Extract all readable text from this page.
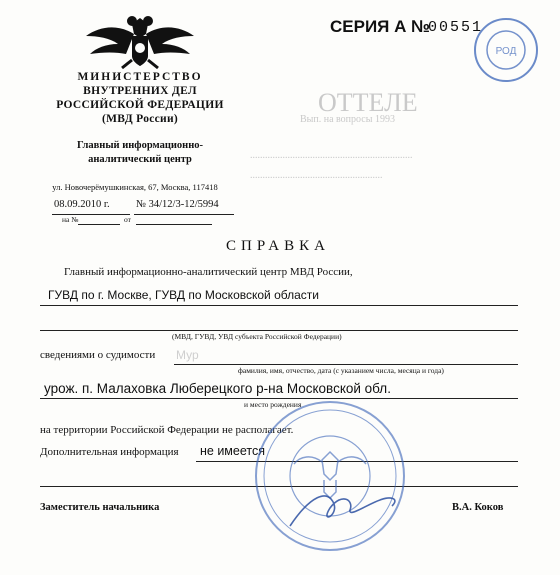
ОТТЕЛЕ
Вып. на вопросы 1993
.................................................................
.....................................................
РОД
СЕРИЯ А №
00551
МИНИСТЕРСТВО
ВНУТРЕННИХ ДЕЛ
РОССИЙСКОЙ ФЕДЕРАЦИИ
(МВД России)
Главный информационно-
аналитический центр
ул. Новочерёмушкинская, 67, Москва, 117418
08.09.2010 г.	№ 34/12/3-12/5994
на №	от
СПРАВКА
Главный информационно-аналитический центр МВД России,
ГУВД по г. Москве, ГУВД по Московской области
(МВД, ГУВД, УВД субъекта Российской Федерации)
сведениями о судимости Мур
фамилия, имя, отчество, дата (с указанием числа, месяца и года)
урож. п. Малаховка Люберецкого р-на Московской обл.
и место рождения
на территории Российской Федерации не располагает.
Дополнительная информация не имеется
Заместитель начальника	В.А. Коков
